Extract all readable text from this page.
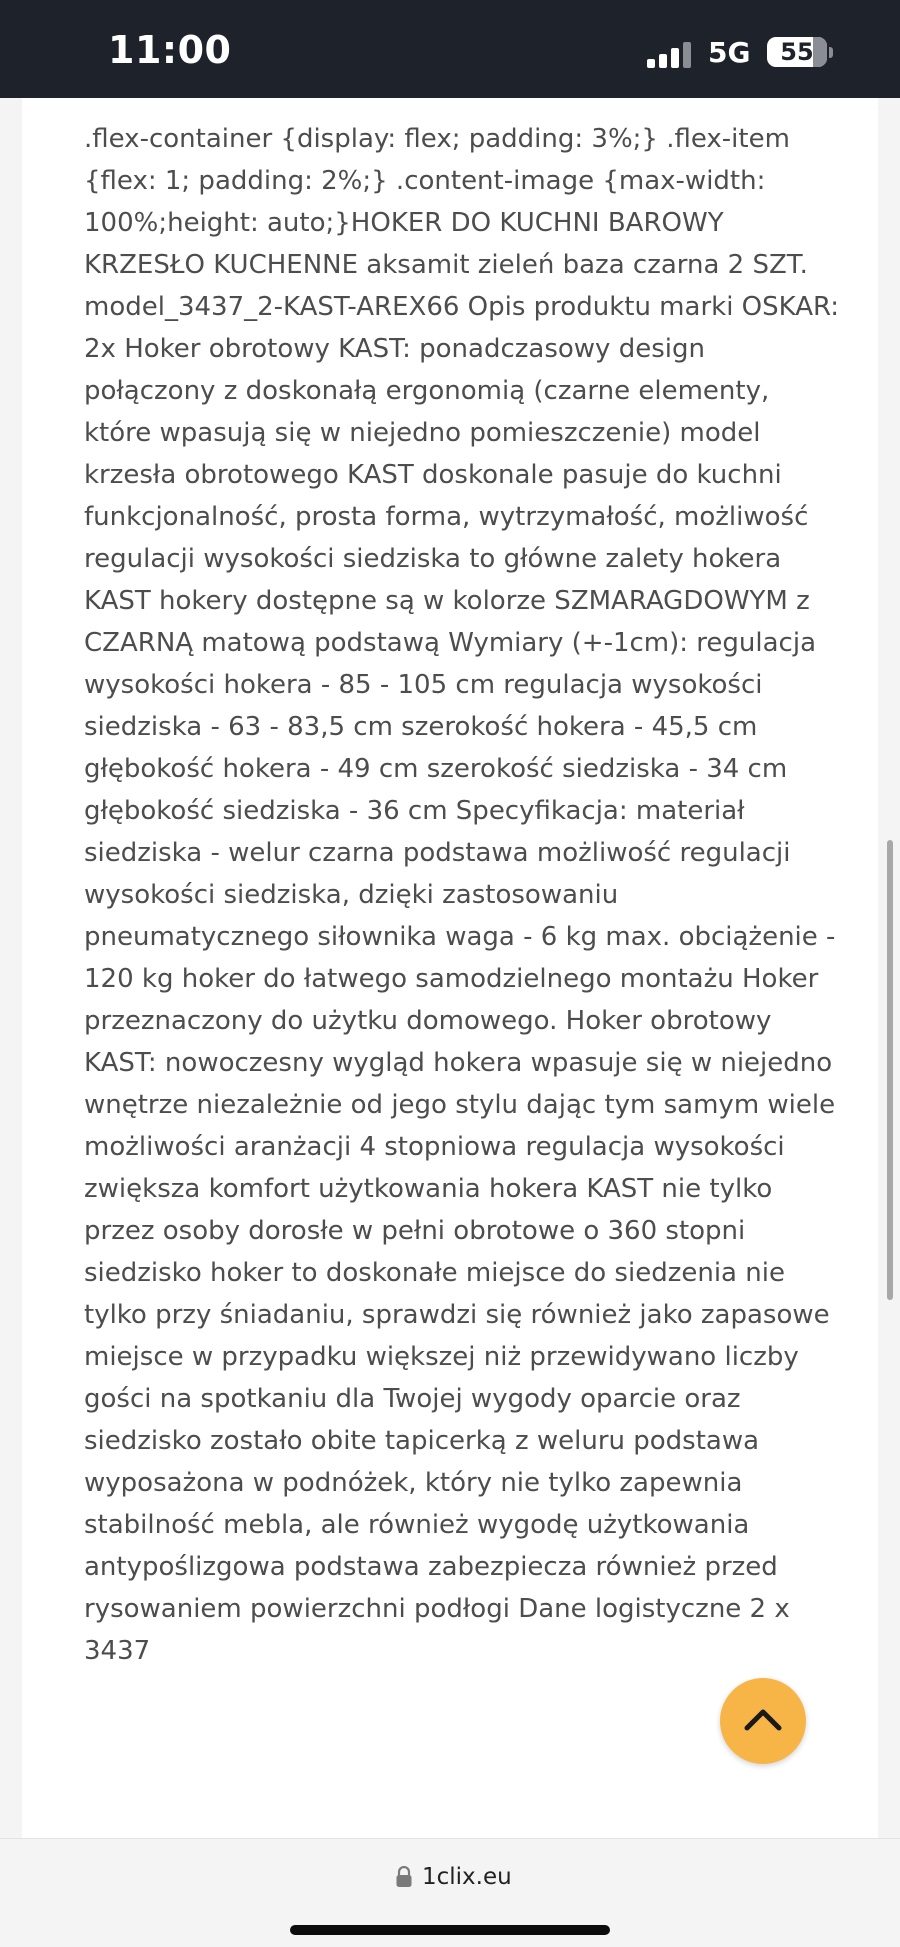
11:00	5G	55

.flex-container {display: flex; padding: 3%;} .flex-item {flex: 1; padding: 2%;} .content-image {max-width: 100%;height: auto;}HOKER DO KUCHNI BAROWY KRZESŁO KUCHENNE aksamit zieleń baza czarna 2 SZT. model_3437_2-KAST-AREX66 Opis produktu marki OSKAR: 2x Hoker obrotowy KAST: ponadczasowy design połączony z doskonałą ergonomią (czarne elementy, które wpasują się w niejedno pomieszczenie) model krzesła obrotowego KAST doskonale pasuje do kuchni funkcjonalność, prosta forma, wytrzymałość, możliwość regulacji wysokości siedziska to główne zalety hokera KAST hokery dostępne są w kolorze SZMARAGDOWYM z CZARNĄ matową podstawą Wymiary (+-1cm): regulacja wysokości hokera - 85 - 105 cm regulacja wysokości siedziska - 63 - 83,5 cm szerokość hokera - 45,5 cm głębokość hokera - 49 cm szerokość siedziska - 34 cm głębokość siedziska - 36 cm Specyfikacja: materiał siedziska - welur czarna podstawa możliwość regulacji wysokości siedziska, dzięki zastosowaniu pneumatycznego siłownika waga - 6 kg max. obciążenie - 120 kg hoker do łatwego samodzielnego montażu Hoker przeznaczony do użytku domowego. Hoker obrotowy KAST: nowoczesny wygląd hokera wpasuje się w niejedno wnętrze niezależnie od jego stylu dając tym samym wiele możliwości aranżacji 4 stopniowa regulacja wysokości zwiększa komfort użytkowania hokera KAST nie tylko przez osoby dorosłe w pełni obrotowe o 360 stopni siedzisko hoker to doskonałe miejsce do siedzenia nie tylko przy śniadaniu, sprawdzi się również jako zapasowe miejsce w przypadku większej niż przewidywano liczby gości na spotkaniu dla Twojej wygody oparcie oraz siedzisko zostało obite tapicerką z weluru podstawa wyposażona w podnóżek, który nie tylko zapewnia stabilność mebla, ale również wygodę użytkowania antypoślizgowa podstawa zabezpiecza również przed rysowaniem powierzchni podłogi Dane logistyczne 2 x 3437

1clix.eu
